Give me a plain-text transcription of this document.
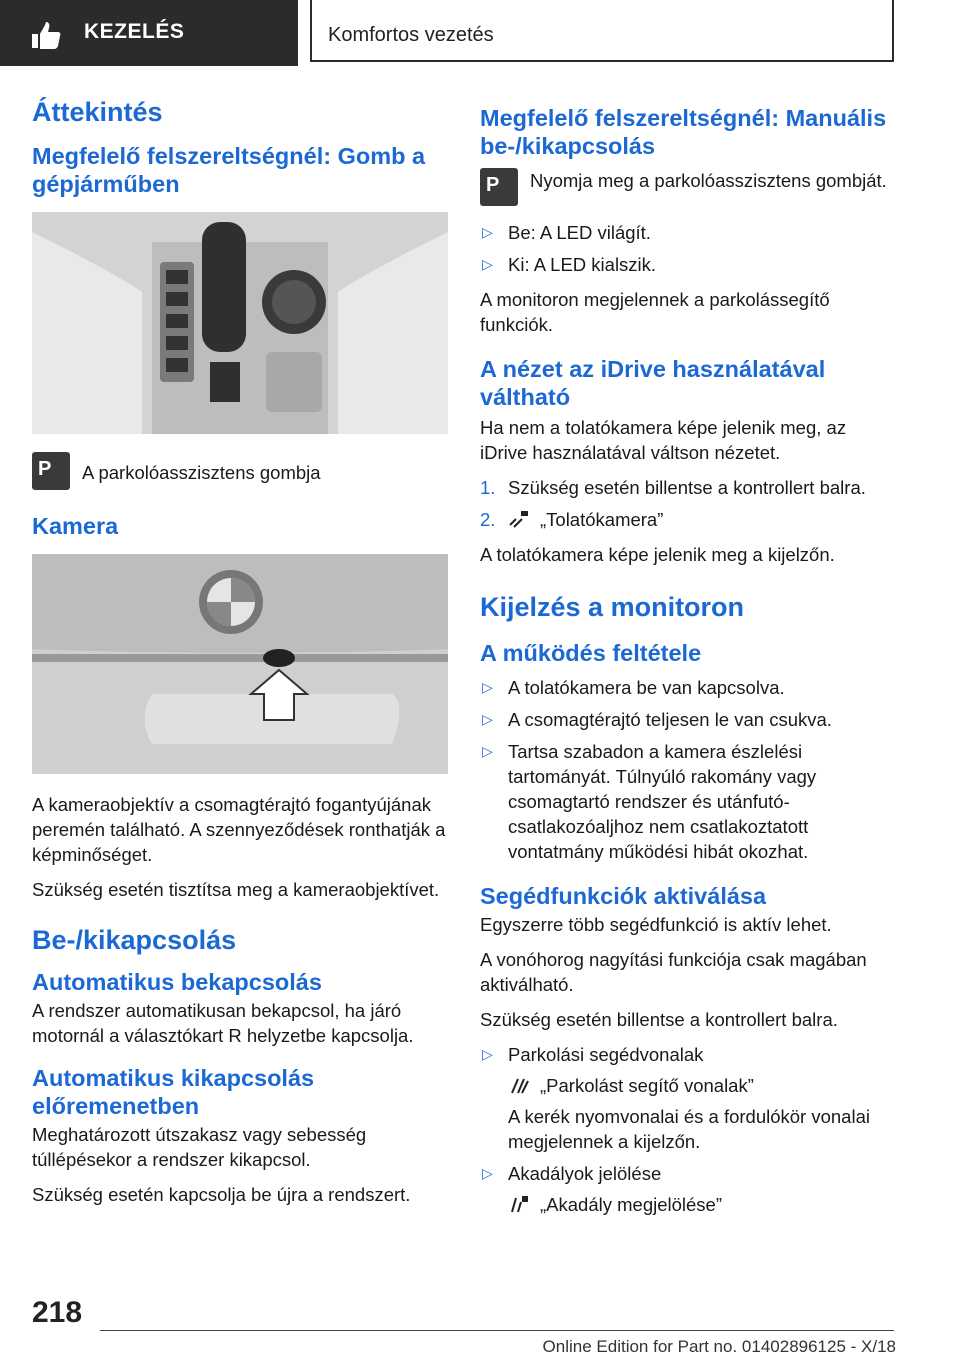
KEZELÉS	Komfortos vezetés
Áttekintés
Megfelelő felszereltségnél: Gomb a gépjárműben
P A parkolóasszisztens gombja

Kamera

A kameraobjektív a csomagtérajtó fogantyújának peremén található. A szennyeződések ronthatják a képminőséget.

Szükség esetén tisztítsa meg a kameraobjektívet.

Be-/kikapcsolás
Automatikus bekapcsolás

A rendszer automatikusan bekapcsol, ha járó motornál a választókart R helyzetbe kapcsolja.

Automatikus kikapcsolás előremenetben

Meghatározott útszakasz vagy sebesség túllépésekor a rendszer kikapcsol.

Szükség esetén kapcsolja be újra a rendszert.

Megfelelő felszereltségnél: Manuális be-/kikapcsolás
P Nyomja meg a parkolóasszisztens gombját.

▷ Be: A LED világít.
▷ Ki: A LED kialszik.

A monitoron megjelennek a parkolássegítő funkciók.

A nézet az iDrive használatával váltható

Ha nem a tolatókamera képe jelenik meg, az iDrive használatával váltson nézetet.

1. Szükség esetén billentse a kontrollert balra.
2. „Tolatókamera”

A tolatókamera képe jelenik meg a kijelzőn.

Kijelzés a monitoron
A működés feltétele
▷ A tolatókamera be van kapcsolva.
▷ A csomagtérajtó teljesen le van csukva.
▷ Tartsa szabadon a kamera észlelési tartományát. Túlnyúló rakomány vagy csomagtartó rendszer és utánfutó-csatlakozóaljhoz nem csatlakoztatott vontatmány működési hibát okozhat.
Segédfunkciók aktiválása

Egyszerre több segédfunkció is aktív lehet.

A vonóhorog nagyítási funkciója csak magában aktiválható.

Szükség esetén billentse a kontrollert balra.

▷ Parkolási segédvonalak
„Parkolást segítő vonalak”
A kerék nyomvonalai és a fordulókör vonalai megjelennek a kijelzőn.
▷ Akadályok jelölése
„Akadály megjelölése”
218
Online Edition for Part no. 01402896125 - X/18
